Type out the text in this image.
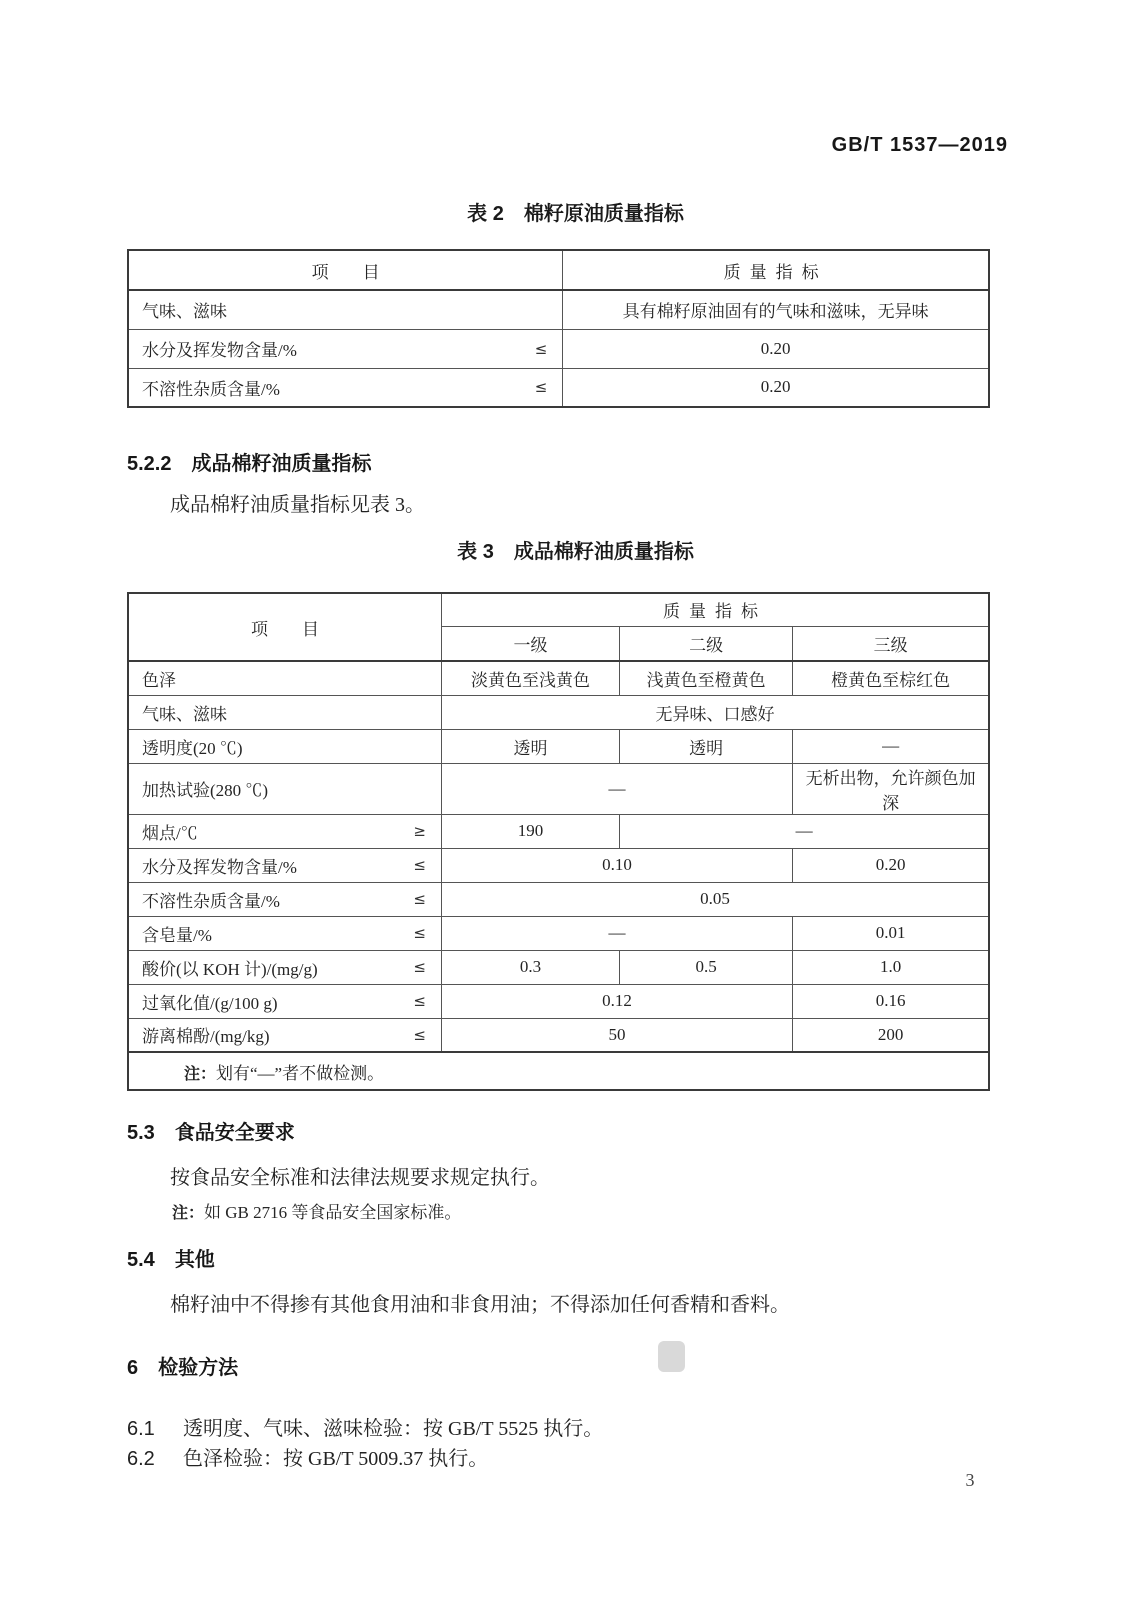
GB/T 1537—2019
表 2　棉籽原油质量指标
项　　目	质量指标

气味、滋味	具有棉籽原油固有的气味和滋味，无异味

水分及挥发物含量/% ≤	0.20

不溶性杂质含量/% ≤	0.20
5.2.2 成品棉籽油质量指标
成品棉籽油质量指标见表 3。
表 3　成品棉籽油质量指标
项　　目	质量指标		
	一级	二级	三级

色泽	淡黄色至浅黄色	浅黄色至橙黄色	橙黄色至棕红色

气味、滋味	无异味、口感好		

透明度(20 ℃)	透明	透明	—

加热试验(280 ℃)	—		无析出物，允许颜色加深

烟点/℃ ≥	190	—	

水分及挥发物含量/% ≤	0.10		0.20

不溶性杂质含量/% ≤	0.05		

含皂量/% ≤	—		0.01

酸价(以 KOH 计)/(mg/g) ≤	0.3	0.5	1.0

过氧化值/(g/100 g) ≤	0.12		0.16

游离棉酚/(mg/kg) ≤	50		200
注：划有“—”者不做检测。			
5.3 食品安全要求
按食品安全标准和法律法规要求规定执行。
注：如 GB 2716 等食品安全国家标准。
5.4 其他
棉籽油中不得掺有其他食用油和非食用油；不得添加任何香精和香料。
6 检验方法
6.1 透明度、气味、滋味检验：按 GB/T 5525 执行。
6.2 色泽检验：按 GB/T 5009.37 执行。
3
